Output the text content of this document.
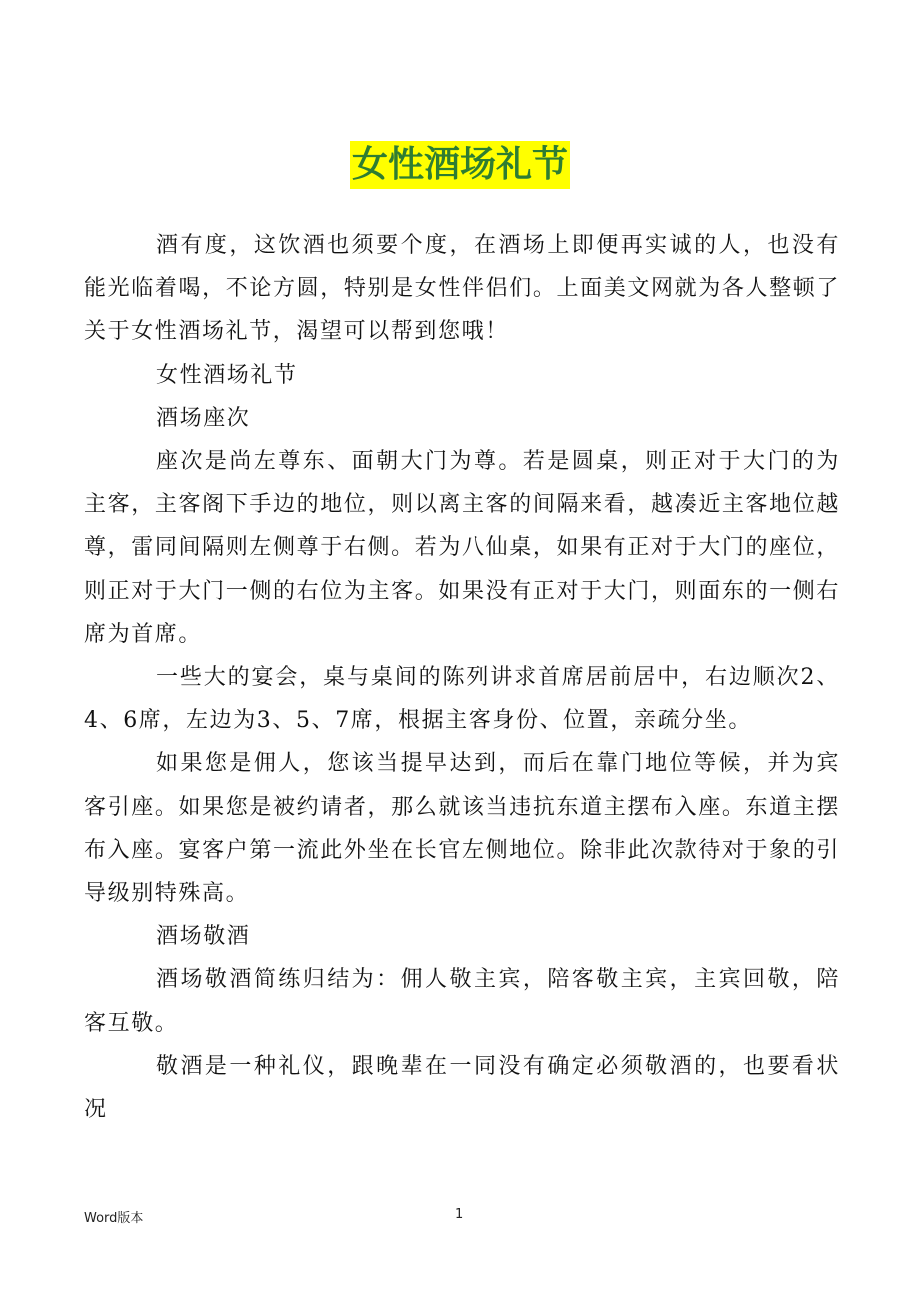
女性酒场礼节

酒有度，这饮酒也须要个度，在酒场上即便再实诚的人，也没有能光临着喝，不论方圆，特别是女性伴侣们。上面美文网就为各人整顿了关于女性酒场礼节，渴望可以帮到您哦！

女性酒场礼节

酒场座次

座次是尚左尊东、面朝大门为尊。若是圆桌，则正对于大门的为主客，主客阁下手边的地位，则以离主客的间隔来看，越凑近主客地位越尊，雷同间隔则左侧尊于右侧。若为八仙桌，如果有正对于大门的座位，则正对于大门一侧的右位为主客。如果没有正对于大门，则面东的一侧右席为首席。

一些大的宴会，桌与桌间的陈列讲求首席居前居中，右边顺次2、4、6席，左边为3、5、7席，根据主客身份、位置，亲疏分坐。

如果您是佣人，您该当提早达到，而后在靠门地位等候，并为宾客引座。如果您是被约请者，那么就该当违抗东道主摆布入座。东道主摆布入座。宴客户第一流此外坐在长官左侧地位。除非此次款待对于象的引导级别特殊高。

酒场敬酒

酒场敬酒简练归结为：佣人敬主宾，陪客敬主宾，主宾回敬，陪客互敬。

敬酒是一种礼仪，跟晚辈在一同没有确定必须敬酒的，也要看状况

Word版本	1
